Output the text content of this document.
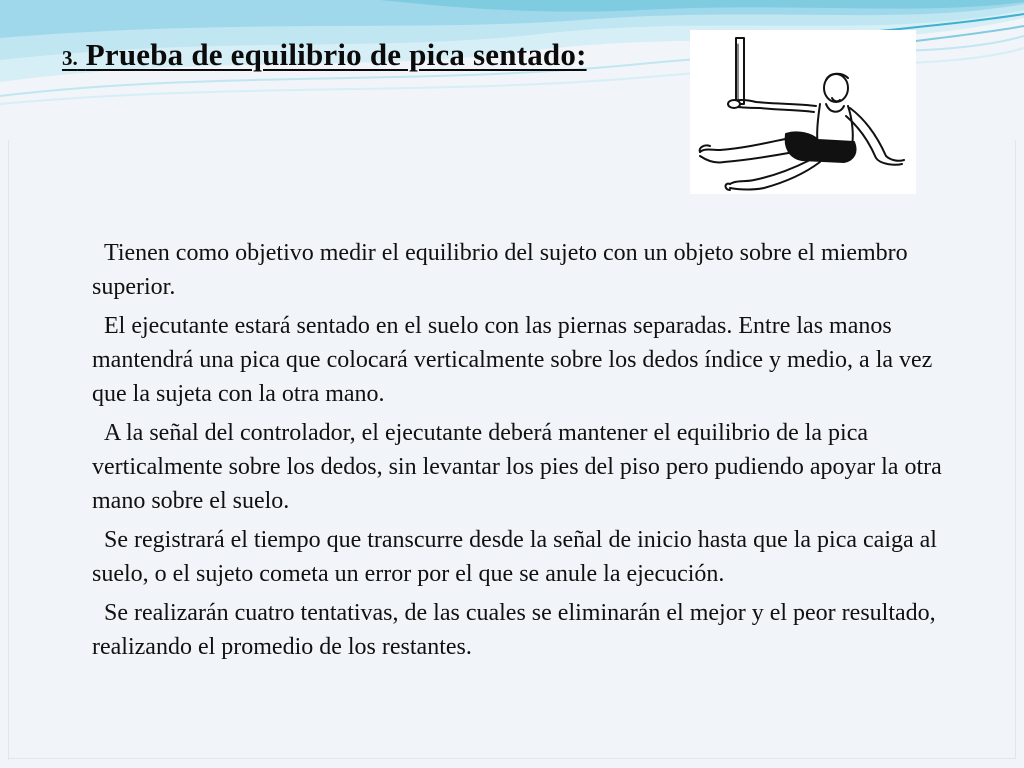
3. Prueba de equilibrio de pica sentado:

Tienen como objetivo medir el equilibrio del sujeto con un objeto sobre el miembro superior.

El ejecutante estará sentado en el suelo con las piernas separadas. Entre las manos mantendrá una pica que colocará verticalmente sobre los dedos índice y medio, a la vez que la sujeta con la otra mano.

A la señal del controlador, el ejecutante deberá mantener el equilibrio de la pica verticalmente sobre los dedos, sin levantar los pies del piso pero pudiendo apoyar la otra mano sobre el suelo.

Se registrará el tiempo que transcurre desde la señal de inicio hasta que la pica caiga al suelo, o el sujeto cometa un error por el que se anule la ejecución.

Se realizarán cuatro tentativas, de las cuales se eliminarán el mejor y el peor resultado, realizando el promedio de los restantes.
